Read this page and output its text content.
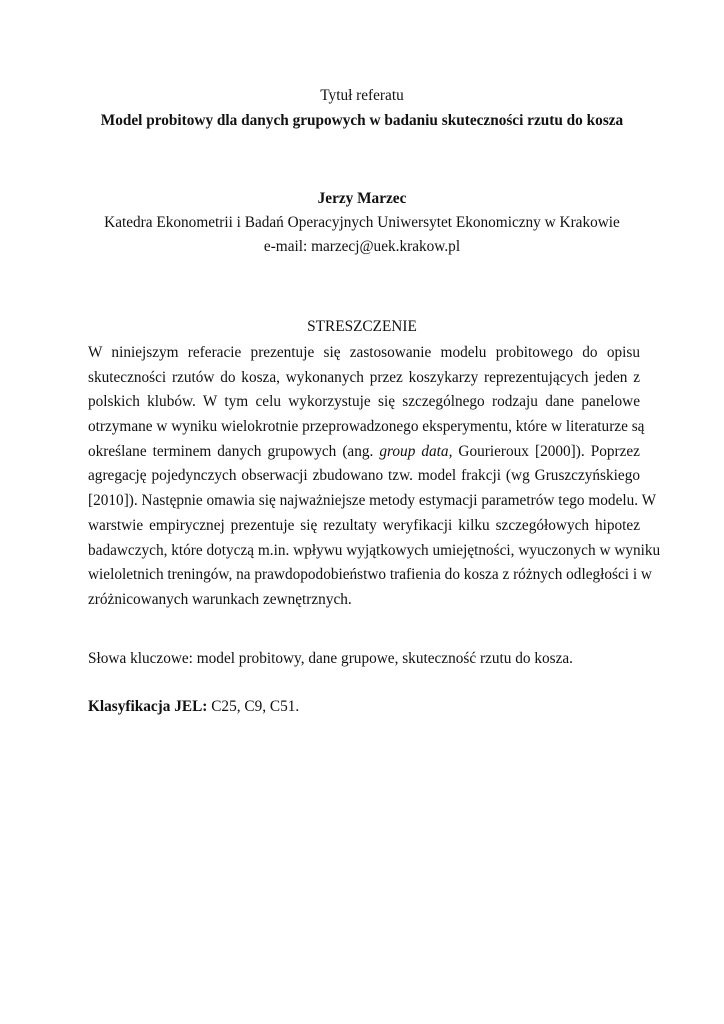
Tytuł referatu
Model probitowy dla danych grupowych w badaniu skuteczności rzutu do kosza
Jerzy Marzec
Katedra Ekonometrii i Badań Operacyjnych Uniwersytet Ekonomiczny w Krakowie
e-mail: marzecj@uek.krakow.pl
STRESZCZENIE
W niniejszym referacie prezentuje się zastosowanie modelu probitowego do opisu
skuteczności rzutów do kosza, wykonanych przez koszykarzy reprezentujących jeden z
polskich klubów. W tym celu wykorzystuje się szczególnego rodzaju dane panelowe
otrzymane w wyniku wielokrotnie przeprowadzonego eksperymentu, które w literaturze są
określane terminem danych grupowych (ang. group data, Gourieroux [2000]). Poprzez
agregację pojedynczych obserwacji zbudowano tzw. model frakcji (wg Gruszczyńskiego
[2010]). Następnie omawia się najważniejsze metody estymacji parametrów tego modelu. W
warstwie empirycznej prezentuje się rezultaty weryfikacji kilku szczegółowych hipotez
badawczych, które dotyczą m.in. wpływu wyjątkowych umiejętności, wyuczonych w wyniku
wieloletnich treningów, na prawdopodobieństwo trafienia do kosza z różnych odległości i w
zróżnicowanych warunkach zewnętrznych.
Słowa kluczowe: model probitowy, dane grupowe, skuteczność rzutu do kosza.
Klasyfikacja JEL: C25, C9, C51.
